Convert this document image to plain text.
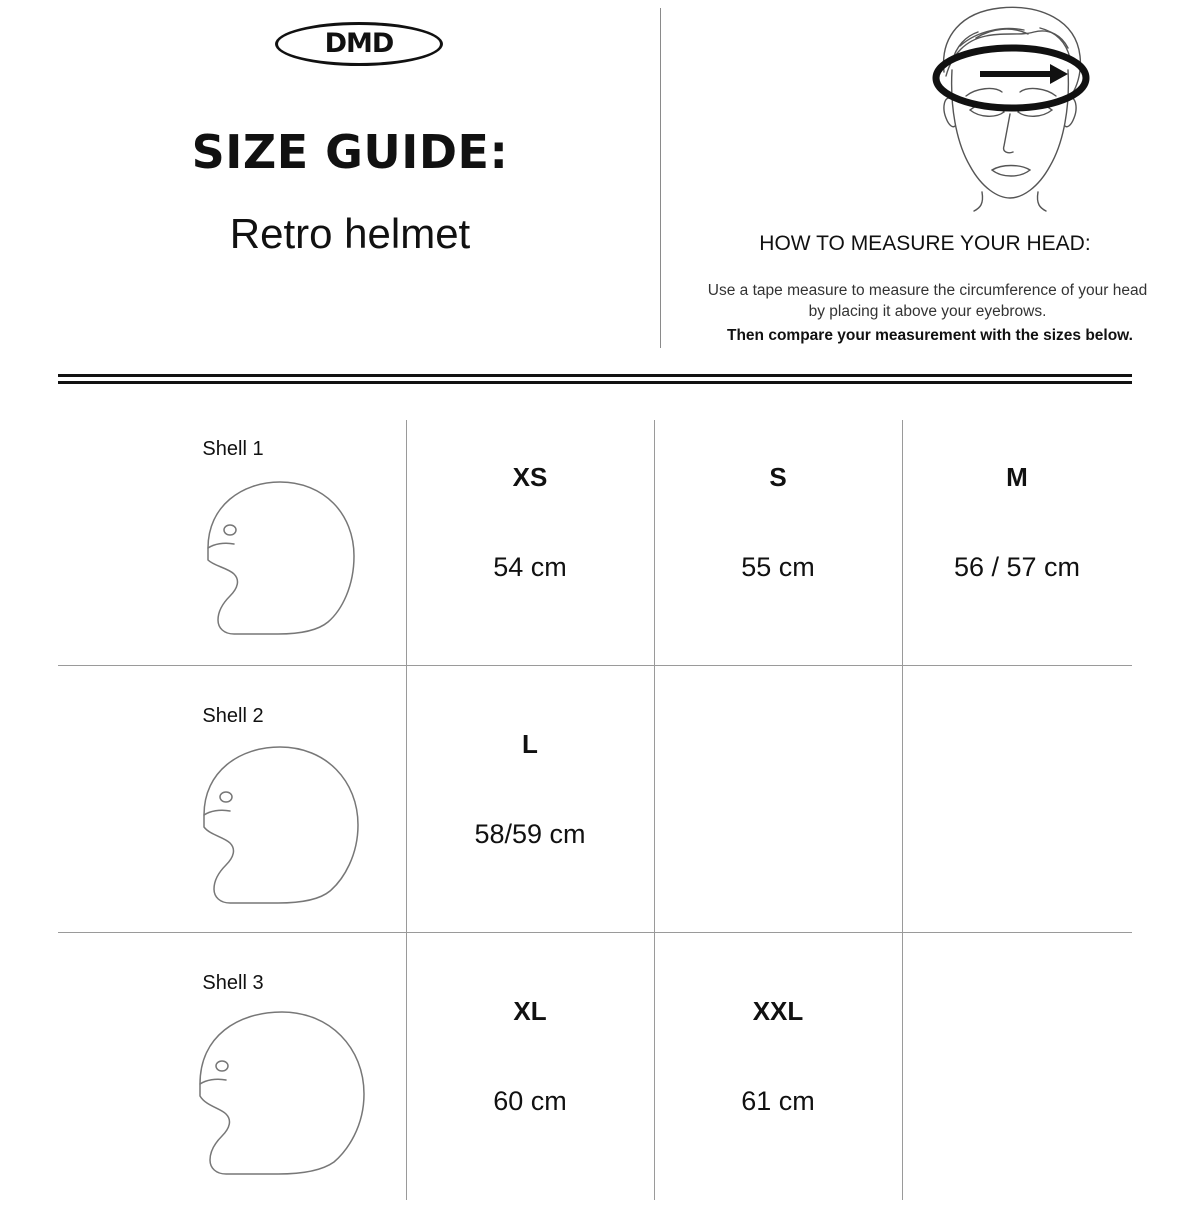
DMD
SIZE GUIDE:
Retro helmet	HOW TO MEASURE YOUR HEAD:
Use a tape measure to measure the circumference of your head by placing it above your eyebrows.
Then compare your measurement with the sizes below.
Shell 1
XS
54 cm
S
55 cm
M
56 / 57 cm
Shell 2
L
58/59 cm
Shell 3
XL
60 cm
XXL
61 cm
